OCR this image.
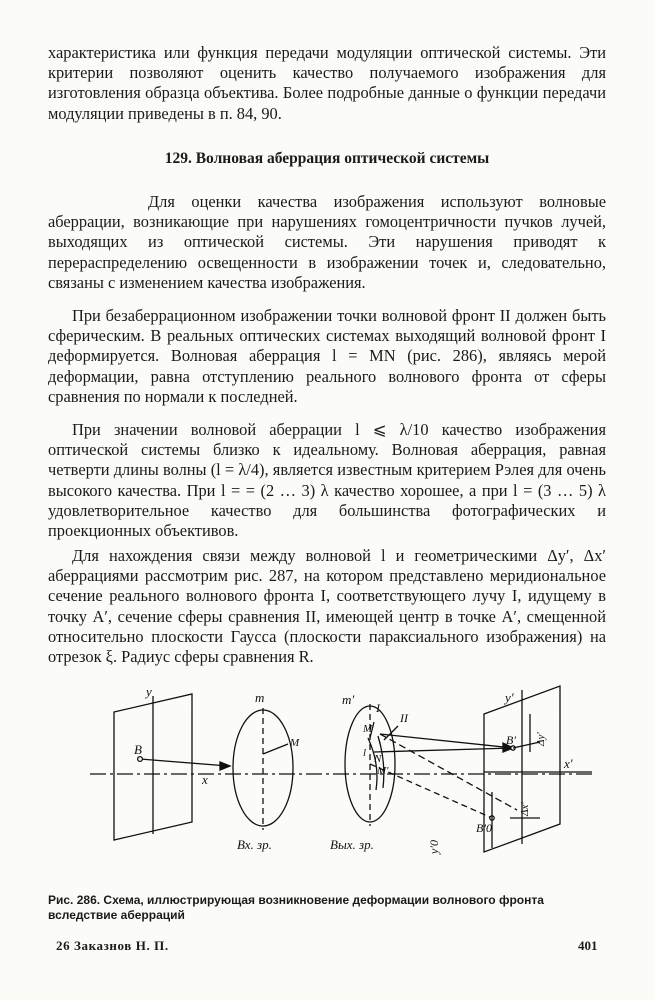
характеристика или функция передачи модуляции оптической системы. Эти критерии позволяют оценить качество получаемого изображения для изготовления образца объектива. Более подробные данные о функции передачи модуляции приведены в п. 84, 90.

129. Волновая аберрация оптической системы

Для оценки качества изображения используют волновые аберрации, возникающие при нарушениях гомоцентричности пучков лучей, выходящих из оптической системы. Эти нарушения приводят к перераспределению освещенности в изображении точек и, следовательно, связаны с изменением качества изображения.

При безаберрационном изображении точки волновой фронт II должен быть сферическим. В реальных оптических системах выходящий волновой фронт I деформируется. Волновая аберрация l = MN (рис. 286), являясь мерой деформации, равна отступлению реального волнового фронта от сферы сравнения по нормали к последней.

При значении волновой аберрации l ⩽ λ/10 качество изображения оптической системы близко к идеальному. Волновая аберрация, равная четверти длины волны (l = λ/4), является известным критерием Рэлея для очень высокого качества. При l = = (2 … 3) λ качество хорошее, а при l = (3 … 5) λ удовлетворительное качество для большинства фотографических и проекционных объективов.

Для нахождения связи между волновой l и геометрическими Δy′, Δx′ аберрациями рассмотрим рис. 287, на котором представлено меридиональное сечение реального волнового фронта I, соответствующего лучу I, идущему в точку A′, сечение сферы сравнения II, имеющей центр в точке A′, смещенной относительно плоскости Гаусса (плоскости параксиального изображения) на отрезок ξ. Радиус сферы сравнения R.

y
B
x
m
M
Вх. зр.
m′
I
II
M
N
M′
l
Вых. зр.
y′
B′ Δy′
x′
Δx′
B′0
y′0
Рис. 286. Схема, иллюстрирующая возникновение деформации волнового фронта вследствие аберраций
26 Заказнов Н. П.	401
